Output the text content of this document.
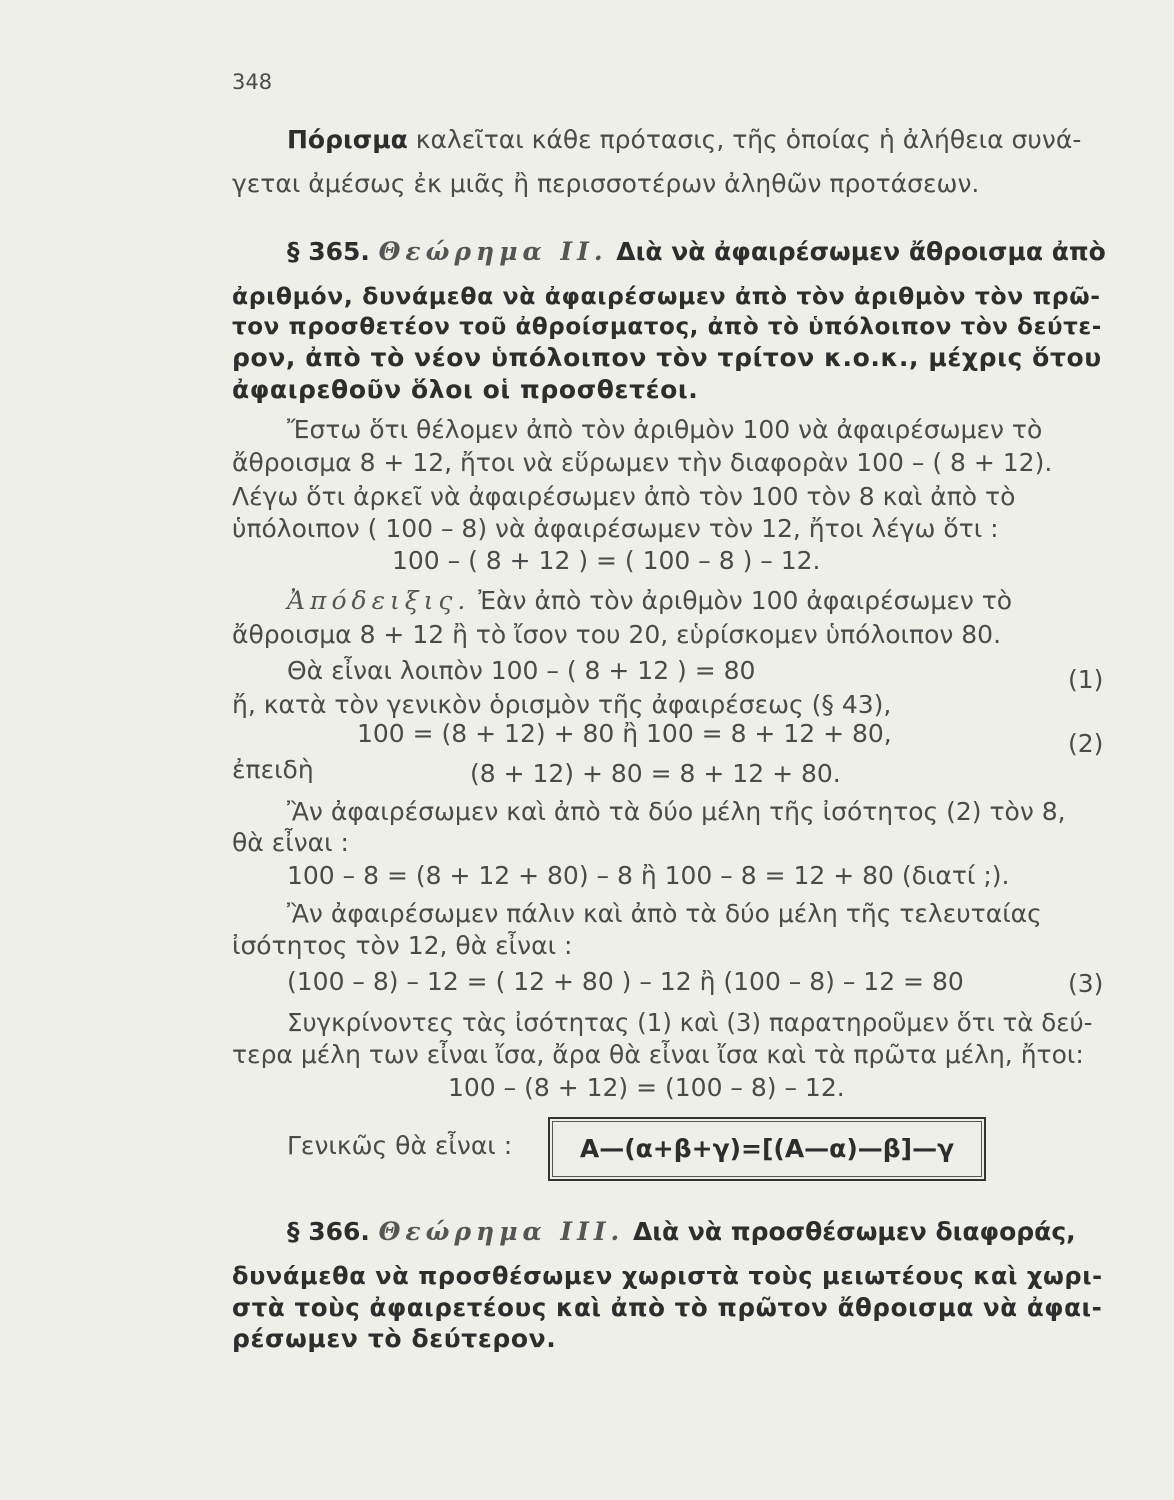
348
Πόρισμα καλεῖται κάθε πρότασις, τῆς ὁποίας ἡ ἀλήθεια συνά-
γεται ἀμέσως ἐκ μιᾶς ἢ περισσοτέρων ἀληθῶν προτάσεων.
§ 365. Θεώρημα II. Διὰ νὰ ἀφαιρέσωμεν ἄθροισμα ἀπὸ
ἀριθμόν, δυνάμεθα νὰ ἀφαιρέσωμεν ἀπὸ τὸν ἀριθμὸν τὸν πρῶ-
τον προσθετέον τοῦ ἀθροίσματος, ἀπὸ τὸ ὑπόλοιπον τὸν δεύτε-
ρον, ἀπὸ τὸ νέον ὑπόλοιπον τὸν τρίτον κ.ο.κ., μέχρις ὅτου
ἀφαιρεθοῦν ὅλοι οἱ προσθετέοι.
Ἔστω ὅτι θέλομεν ἀπὸ τὸν ἀριθμὸν 100 νὰ ἀφαιρέσωμεν τὸ
ἄθροισμα 8 + 12, ἤτοι νὰ εὕρωμεν τὴν διαφορὰν 100 – ( 8 + 12).
Λέγω ὅτι ἀρκεῖ νὰ ἀφαιρέσωμεν ἀπὸ τὸν 100 τὸν 8 καὶ ἀπὸ τὸ
ὑπόλοιπον ( 100 – 8) νὰ ἀφαιρέσωμεν τὸν 12, ἤτοι λέγω ὅτι :
100 – ( 8 + 12 ) = ( 100 – 8 ) – 12.
Ἀπόδειξις. Ἐὰν ἀπὸ τὸν ἀριθμὸν 100 ἀφαιρέσωμεν τὸ
ἄθροισμα 8 + 12 ἢ τὸ ἴσον του 20, εὑρίσκομεν ὑπόλοιπον 80.
Θὰ εἶναι λοιπὸν 100 – ( 8 + 12 ) = 80	(1)
ἤ, κατὰ τὸν γενικὸν ὁρισμὸν τῆς ἀφαιρέσεως (§ 43),
100 = (8 + 12) + 80 ἢ 100 = 8 + 12 + 80,	(2)
ἐπειδὴ	(8 + 12) + 80 = 8 + 12 + 80.
Ἂν ἀφαιρέσωμεν καὶ ἀπὸ τὰ δύο μέλη τῆς ἰσότητος (2) τὸν 8,
θὰ εἶναι :
100 – 8 = (8 + 12 + 80) – 8 ἢ 100 – 8 = 12 + 80 (διατί ;).
Ἂν ἀφαιρέσωμεν πάλιν καὶ ἀπὸ τὰ δύο μέλη τῆς τελευταίας
ἰσότητος τὸν 12, θὰ εἶναι :
(100 – 8) – 12 = ( 12 + 80 ) – 12 ἢ (100 – 8) – 12 = 80	(3)
Συγκρίνοντες τὰς ἰσότητας (1) καὶ (3) παρατηροῦμεν ὅτι τὰ δεύ-
τερα μέλη των εἶναι ἴσα, ἄρα θὰ εἶναι ἴσα καὶ τὰ πρῶτα μέλη, ἤτοι:
100 – (8 + 12) = (100 – 8) – 12.
Γενικῶς θὰ εἶναι :	Α—(α+β+γ)=[(Α—α)—β]—γ
§ 366. Θεώρημα III. Διὰ νὰ προσθέσωμεν διαφοράς,
δυνάμεθα νὰ προσθέσωμεν χωριστὰ τοὺς μειωτέους καὶ χωρι-
στὰ τοὺς ἀφαιρετέους καὶ ἀπὸ τὸ πρῶτον ἄθροισμα νὰ ἀφαι-
ρέσωμεν τὸ δεύτερον.
